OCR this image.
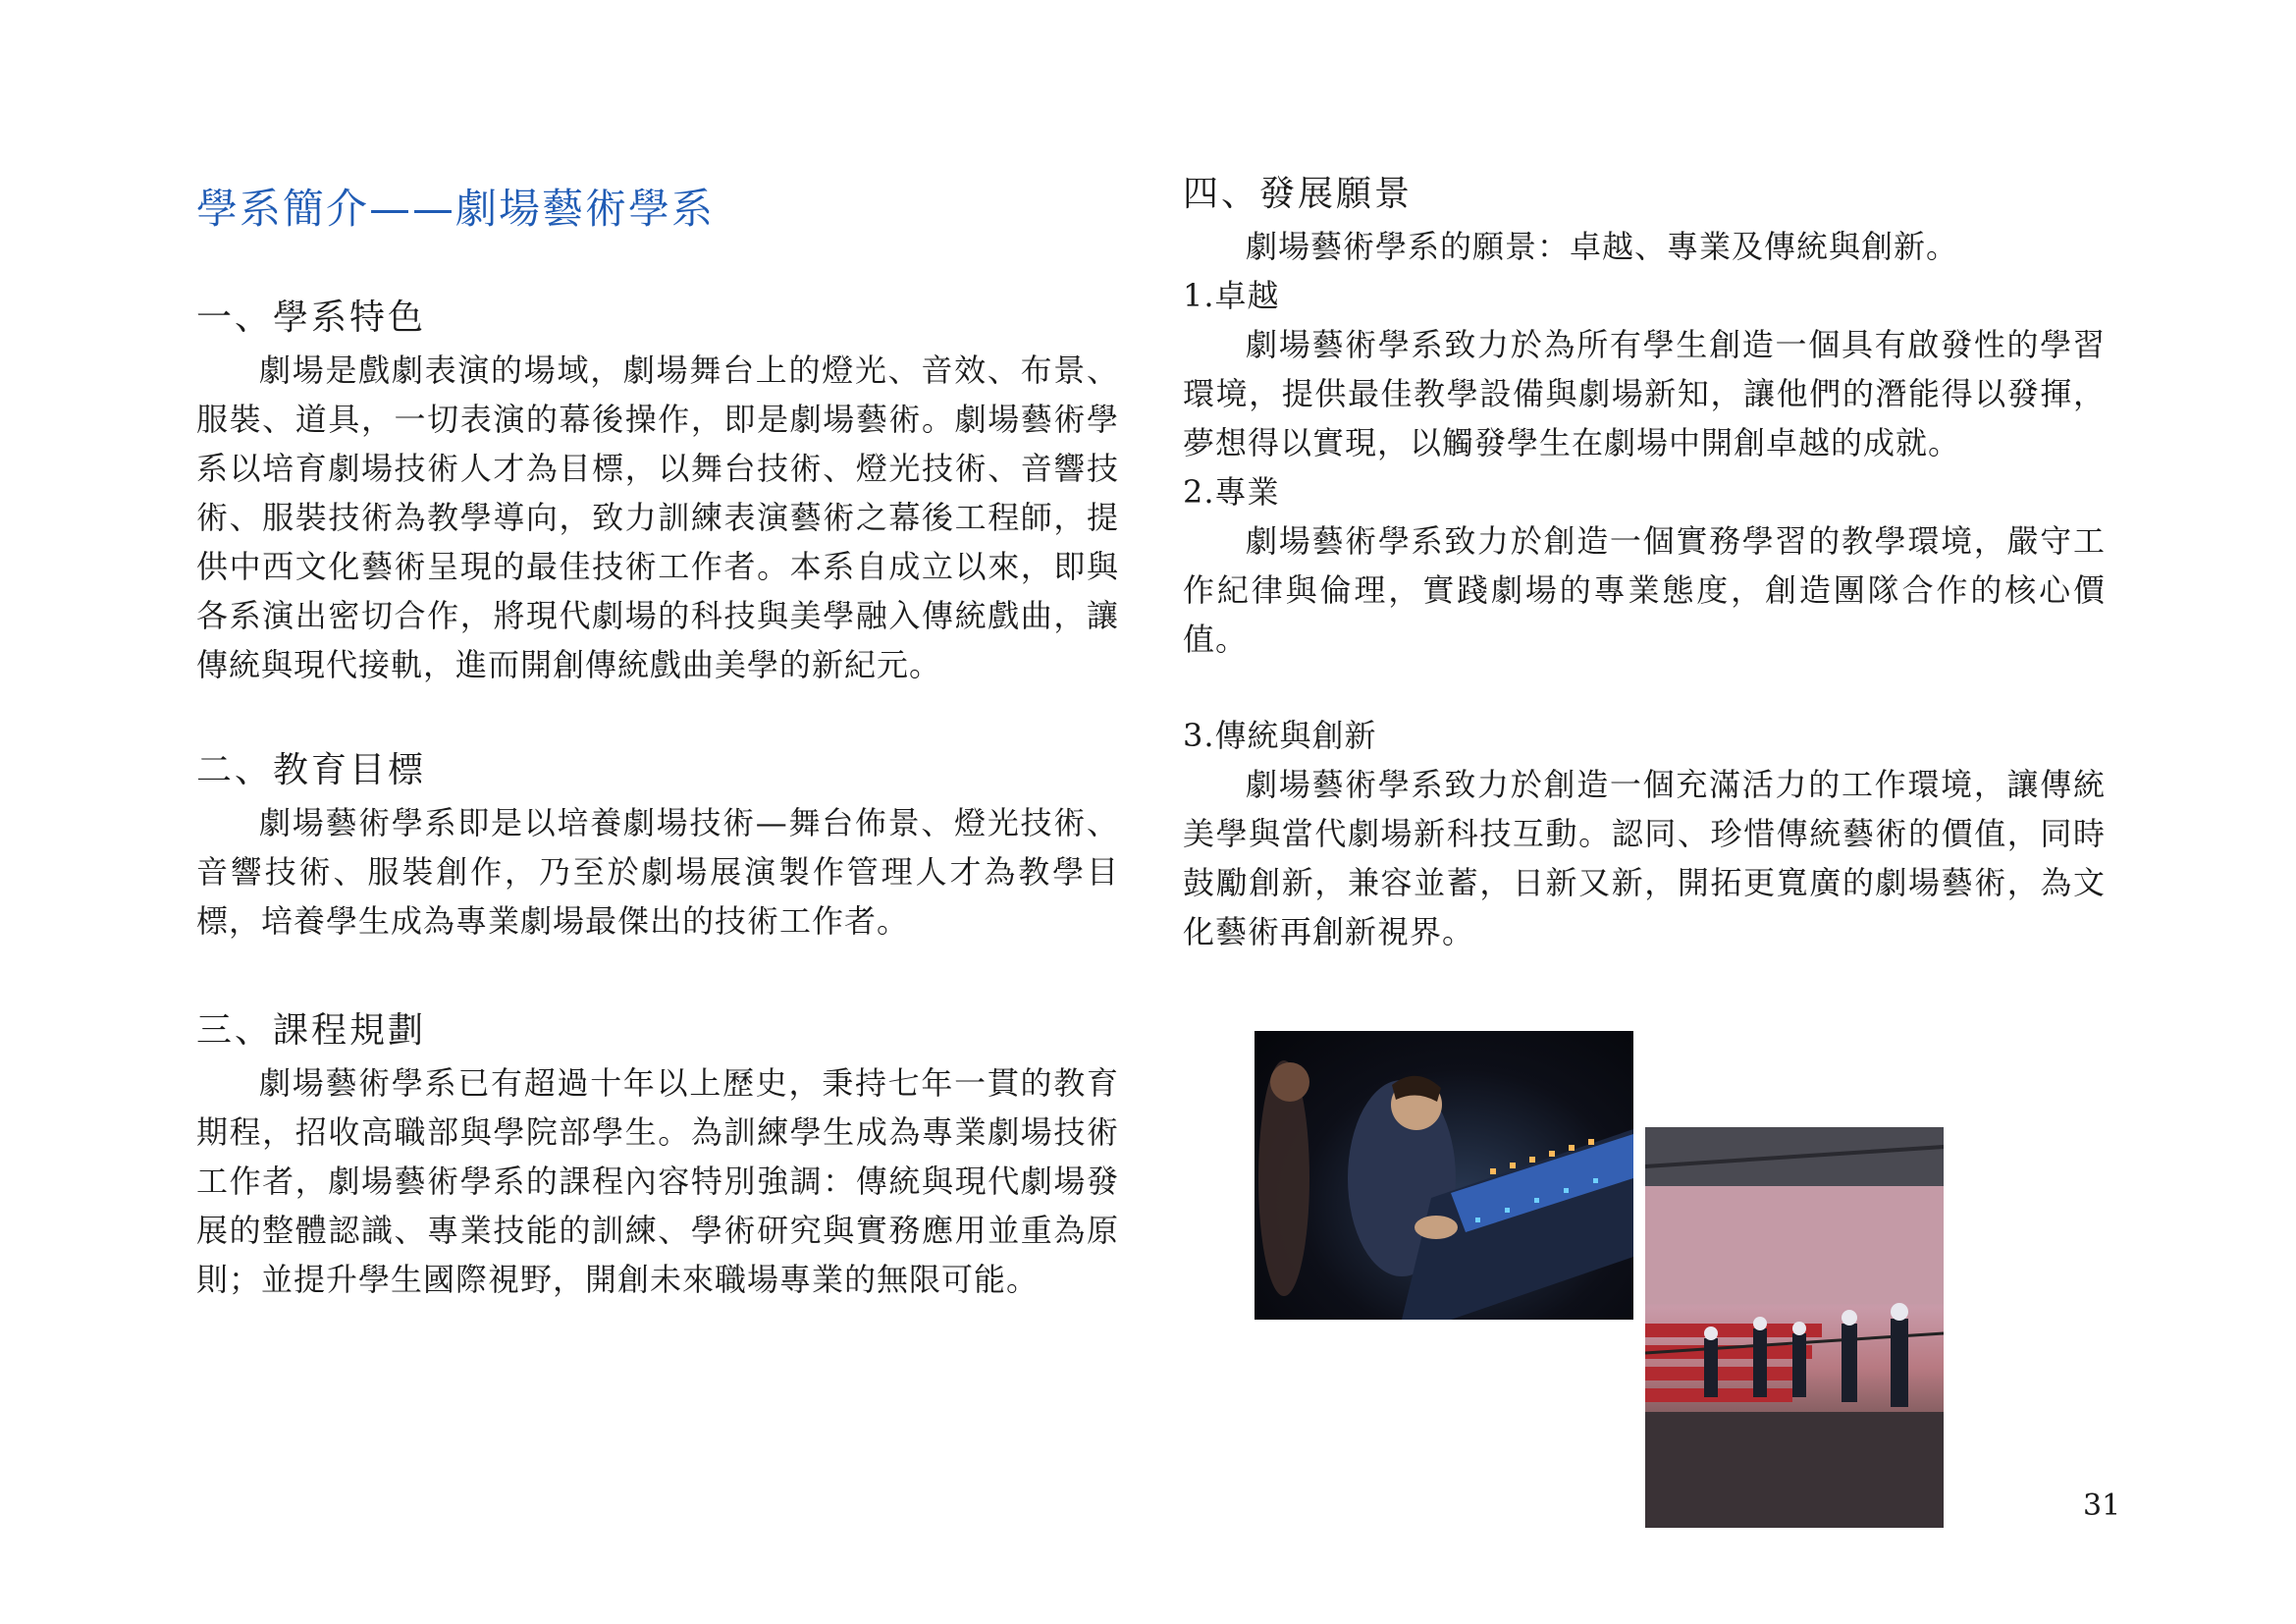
學系簡介——劇場藝術學系
一、學系特色

劇場是戲劇表演的場域，劇場舞台上的燈光、音效、布景、服裝、道具，一切表演的幕後操作，即是劇場藝術。劇場藝術學系以培育劇場技術人才為目標，以舞台技術、燈光技術、音響技術、服裝技術為教學導向，致力訓練表演藝術之幕後工程師，提供中西文化藝術呈現的最佳技術工作者。本系自成立以來，即與各系演出密切合作，將現代劇場的科技與美學融入傳統戲曲，讓傳統與現代接軌，進而開創傳統戲曲美學的新紀元。

二、教育目標

劇場藝術學系即是以培養劇場技術—舞台佈景、燈光技術、音響技術、服裝創作，乃至於劇場展演製作管理人才為教學目標，培養學生成為專業劇場最傑出的技術工作者。

三、課程規劃

劇場藝術學系已有超過十年以上歷史，秉持七年一貫的教育期程，招收高職部與學院部學生。為訓練學生成為專業劇場技術工作者，劇場藝術學系的課程內容特別強調：傳統與現代劇場發展的整體認識、專業技能的訓練、學術研究與實務應用並重為原則；並提升學生國際視野，開創未來職場專業的無限可能。

四、發展願景

劇場藝術學系的願景：卓越、專業及傳統與創新。

1.卓越

劇場藝術學系致力於為所有學生創造一個具有啟發性的學習環境，提供最佳教學設備與劇場新知，讓他們的潛能得以發揮，夢想得以實現，以觸發學生在劇場中開創卓越的成就。

2.專業

劇場藝術學系致力於創造一個實務學習的教學環境，嚴守工作紀律與倫理，實踐劇場的專業態度，創造團隊合作的核心價值。

3.傳統與創新

劇場藝術學系致力於創造一個充滿活力的工作環境，讓傳統美學與當代劇場新科技互動。認同、珍惜傳統藝術的價值，同時鼓勵創新，兼容並蓄，日新又新，開拓更寬廣的劇場藝術，為文化藝術再創新視界。

31
